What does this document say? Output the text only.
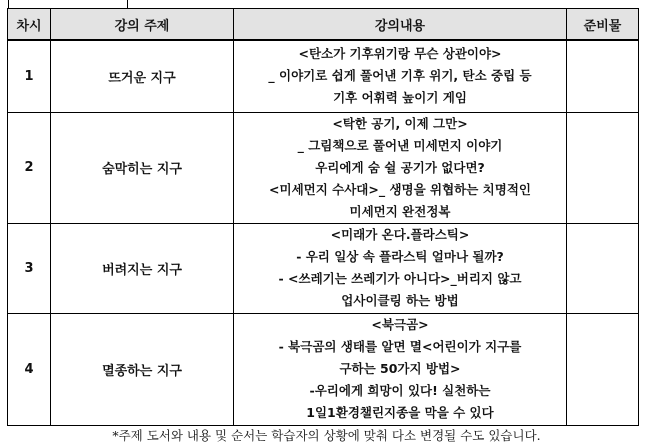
차시	강의 주제	강의내용	준비물
1	뜨거운 지구	<탄소가 기후위기랑 무슨 상관이야>
_ 이야기로 쉽게 풀어낸 기후 위기, 탄소 중립 등
기후 어휘력 높이기 게임	

2	숨막히는 지구	<탁한 공기, 이제 그만>
_ 그림책으로 풀어낸 미세먼지 이야기
우리에게 숨 쉴 공기가 없다면?
<미세먼지 수사대>_ 생명을 위협하는 치명적인
미세먼지 완전정복	

3	버려지는 지구	<미래가 온다.플라스틱>
- 우리 일상 속 플라스틱 얼마나 될까?
- <쓰레기는 쓰레기가 아니다>_버리지 않고
업사이클링 하는 방법	

4	멸종하는 지구	<북극곰>
- 북극곰의 생태를 알면 멸<어린이가 지구를
구하는 50가지 방법>
-우리에게 희망이 있다! 실천하는
1일1환경챌린지종을 막을 수 있다	

*주제 도서와 내용 및 순서는 학습자의 상황에 맞춰 다소 변경될 수도 있습니다.
